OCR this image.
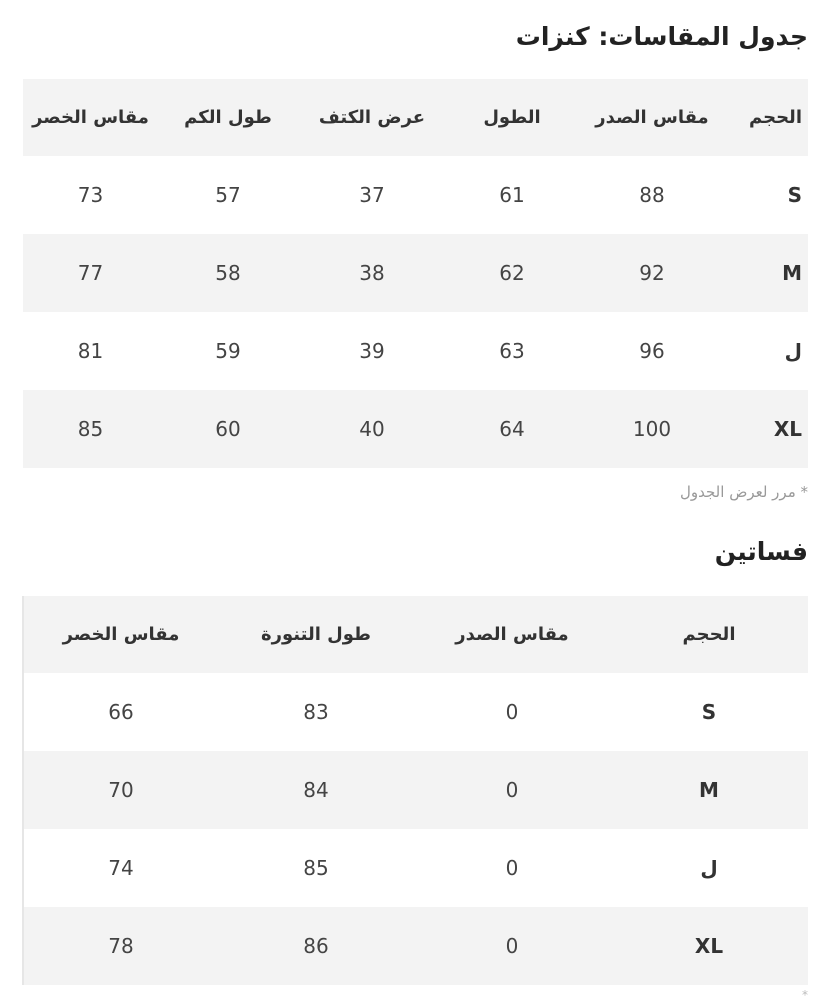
جدول المقاسات: كنزات
الحجم	مقاس الصدر	الطول	عرض الكتف	طول الكم	مقاس الخصر
S	88	61	37	57	73
M	92	62	38	58	77
ل	96	63	39	59	81
XL	100	64	40	60	85
* مرر لعرض الجدول
فساتين
الحجم	مقاس الصدر	طول التنورة	مقاس الخصر
S	0	83	66
M	0	84	70
ل	0	85	74
XL	0	86	78
*
